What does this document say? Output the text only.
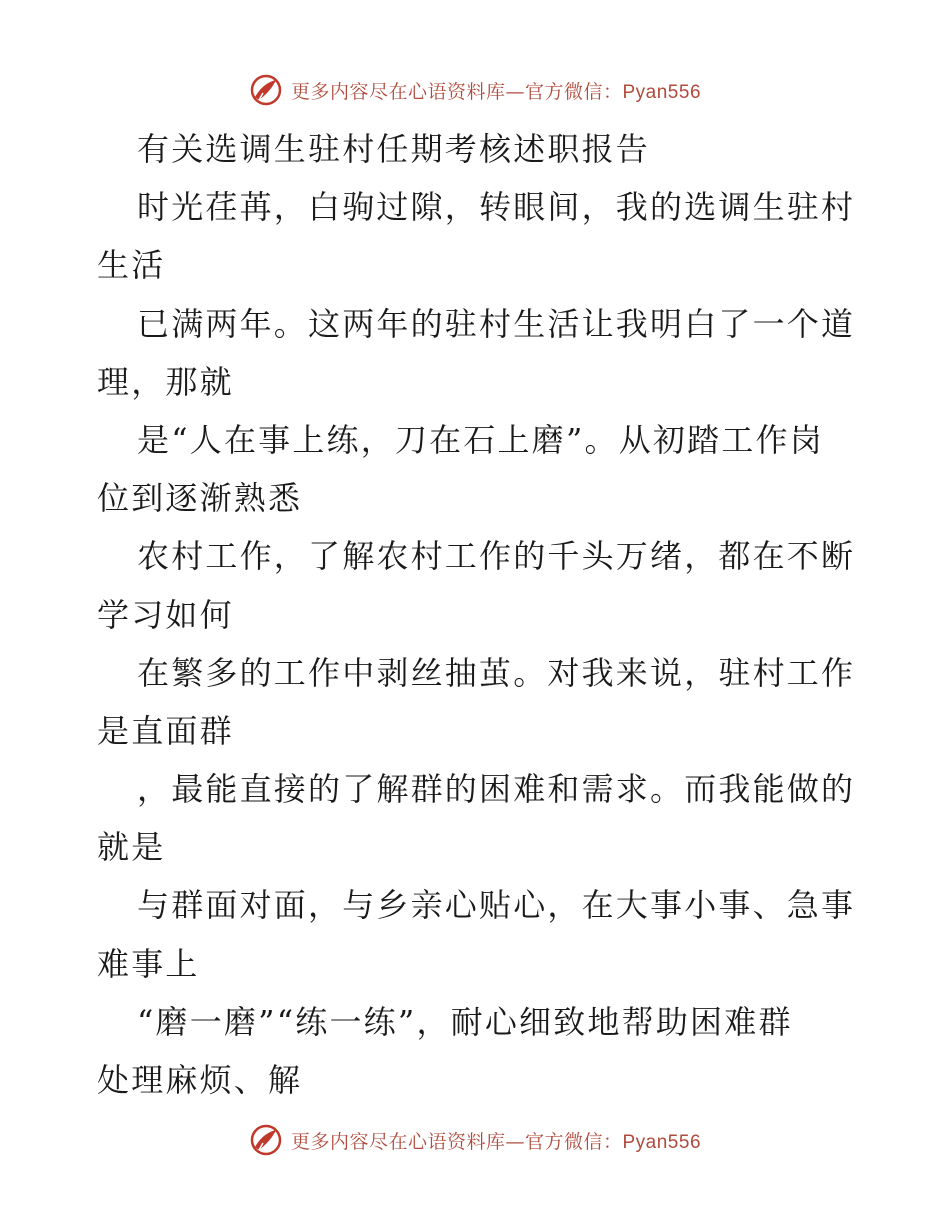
更多内容尽在心语资料库—官方微信：Pyan556
有关选调生驻村任期考核述职报告
时光荏苒，白驹过隙，转眼间，我的选调生驻村
生活
已满两年。这两年的驻村生活让我明白了一个道
理，那就
是“人在事上练，刀在石上磨”。从初踏工作岗
位到逐渐熟悉
农村工作，了解农村工作的千头万绪，都在不断
学习如何
在繁多的工作中剥丝抽茧。对我来说，驻村工作
是直面群
，最能直接的了解群的困难和需求。而我能做的
就是
与群面对面，与乡亲心贴心，在大事小事、急事
难事上
“磨一磨”“练一练”，耐心细致地帮助困难群
处理麻烦、解
更多内容尽在心语资料库—官方微信：Pyan556
